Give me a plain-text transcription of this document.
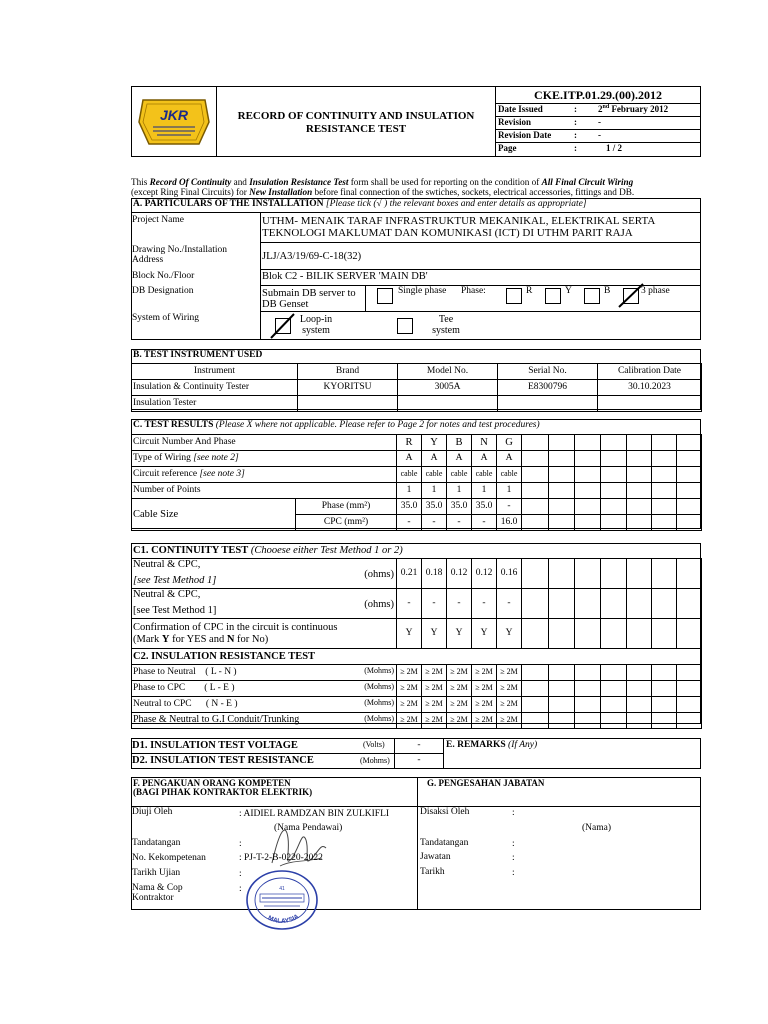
JKR	RECORD OF CONTINUITY AND INSULATION
RESISTANCE TEST
CKE.ITP.01.29.(00).2012
Date Issued	: 2nd February 2012
Revision	: -
Revision Date	: -
Page	:	1 / 2
This Record Of Continuity and Insulation Resistance Test form shall be used for reporting on the condition of All Final Circuit Wiring
(except Ring Final Circuits) for New Installation before final connection of the swtiches, sockets, electrical accessories, fittings and DB.
A. PARTICULARS OF THE INSTALLATION [Please tick (√ ) the relevant boxes and enter details as appropriate]
Project Name	UTHM- MENAIK TARAF INFRASTRUKTUR MEKANIKAL, ELEKTRIKAL SERTA
TEKNOLOGI MAKLUMAT DAN KOMUNIKASI (ICT) DI UTHM PARIT RAJA
Drawing No./Installation
Address	JLJ/A3/19/69-C-18(32)
Block No./Floor	Blok C2 - BILIK SERVER 'MAIN DB'
DB Designation	Submain DB server to
DB Genset
Single phase Phase:	R	Y	B	3 phase
System of Wiring	Loop-in
system
Tee
system
B. TEST INSTRUMENT USED
Instrument	Brand	Model No.	Serial No.	Calibration Date
Insulation & Continuity Tester	KYORITSU	3005A	E8300796	30.10.2023
Insulation Tester				
C. TEST RESULTS (Please X where not applicable. Please refer to Page 2 for notes and test procedures)
Circuit Number And Phase		R	Y	B	N	G							
Type of Wiring [see note 2]		A	A	A	A	A							
Circuit reference [see note 3]		cable	cable	cable	cable	cable							
Number of Points		1	1	1	1	1							
Cable Size	Phase (mm²)	35.0	35.0	35.0	35.0	-							
	CPC (mm²)	-	-	-	-	16.0							
C1. CONTINUITY TEST (Chooese either Test Method 1 or 2)
Neutral & CPC,
[see Test Method 1]
(ohms)	0.21	0.18	0.12	0.12	0.16							

Neutral & CPC,
[see Test Method 1]
(ohms)	-	-	-	-	-							

Confirmation of CPC in the circuit is continuous
(Mark Y for YES and N for No)	Y	Y	Y	Y	Y							
C2. INSULATION RESISTANCE TEST												
Phase to Neutral    ( L - N ) (Mohms)	≥ 2M	≥ 2M	≥ 2M	≥ 2M	≥ 2M							
Phase to CPC        ( L - E ) (Mohms)	≥ 2M	≥ 2M	≥ 2M	≥ 2M	≥ 2M							
Neutral to CPC      ( N - E ) (Mohms)	≥ 2M	≥ 2M	≥ 2M	≥ 2M	≥ 2M							
Phase & Neutral to G.I Conduit/Trunking (Mohms)	≥ 2M	≥ 2M	≥ 2M	≥ 2M	≥ 2M							
D1. INSULATION TEST VOLTAGE	(Volts)	-
D2. INSULATION TEST RESISTANCE	(Mohms)	-
E. REMARKS (If Any)
F. PENGAKUAN ORANG KOMPETEN
(BAGI PIHAK KONTRAKTOR ELEKTRIK)
Diuji Oleh	: AIDIEL RAMDZAN BIN ZULKIFLI
(Nama Pendawai)
Tandatangan	:
No. Kekompetenan	: PJ-T-2-B-0220-2022
Tarikh Ujian	:
Nama & Cop
Kontraktor
:	41
MALAYSIA
G. PENGESAHAN JABATAN
Disaksi Oleh	:
(Nama)
Tandatangan	:
Jawatan	:
Tarikh	:
